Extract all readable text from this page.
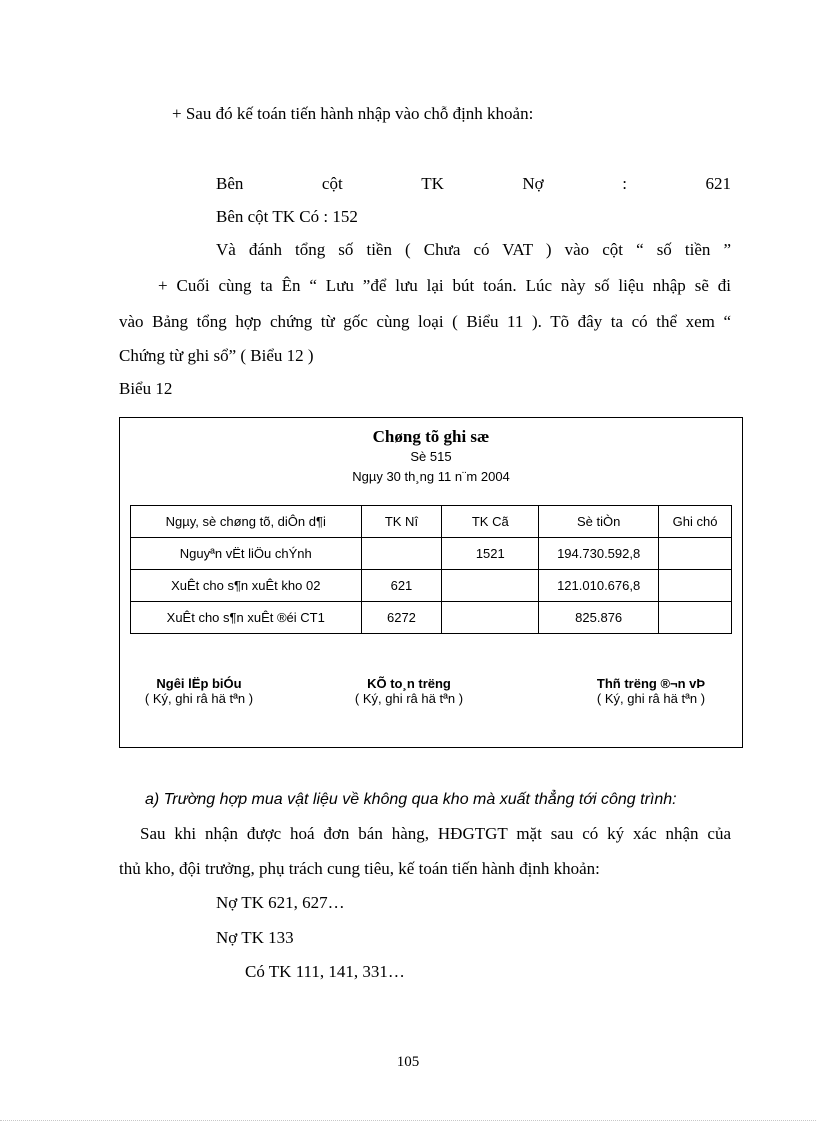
+ Sau đó kế toán tiến hành nhập vào chỗ định khoản:
Bên	cột	TK	Nợ	:	621
Bên cột TK Có : 152
Và đánh tổng số tiền ( Chưa có VAT ) vào cột “ số tiền ”
+ Cuối cùng ta Ên “ Lưu ”để lưu lại bút toán. Lúc này số liệu nhập sẽ đi
vào Bảng tổng hợp chứng từ gốc cùng loại ( Biểu 11 ). Tõ đây ta có thể xem “
Chứng từ ghi sổ” ( Biểu 12 )
Biểu 12
Chøng tõ ghi sæ
Sè 515
Ngµy 30 th¸ng 11 n¨m 2004
Ngµy, sè chøng tõ, diÔn d¶i	TK Nî	TK Cã	Sè tiÒn	Ghi chó
Nguyªn vËt liÖu chÝnh		1521	194.730.592,8	
XuÊt cho s¶n xuÊt kho 02	621		121.010.676,8	
XuÊt cho s¶n xuÊt ®éi CT1	6272		825.876	
Ngêi lËp biÓu
( Ký, ghi râ hä tªn )
KÕ to¸n trëng
( Ký, ghi râ hä tªn )
Thñ trëng ®¬n vÞ
( Ký, ghi râ hä tªn )
a) Trường hợp mua vật liệu về không qua kho mà xuất thẳng tới công trình:
Sau khi nhận được hoá đơn bán hàng, HĐGTGT mặt sau có ký xác nhận của
thủ kho, đội trưởng, phụ trách cung tiêu, kế toán tiến hành định khoản:
Nợ TK 621, 627…
Nợ TK 133
Có TK 111, 141, 331…
105
